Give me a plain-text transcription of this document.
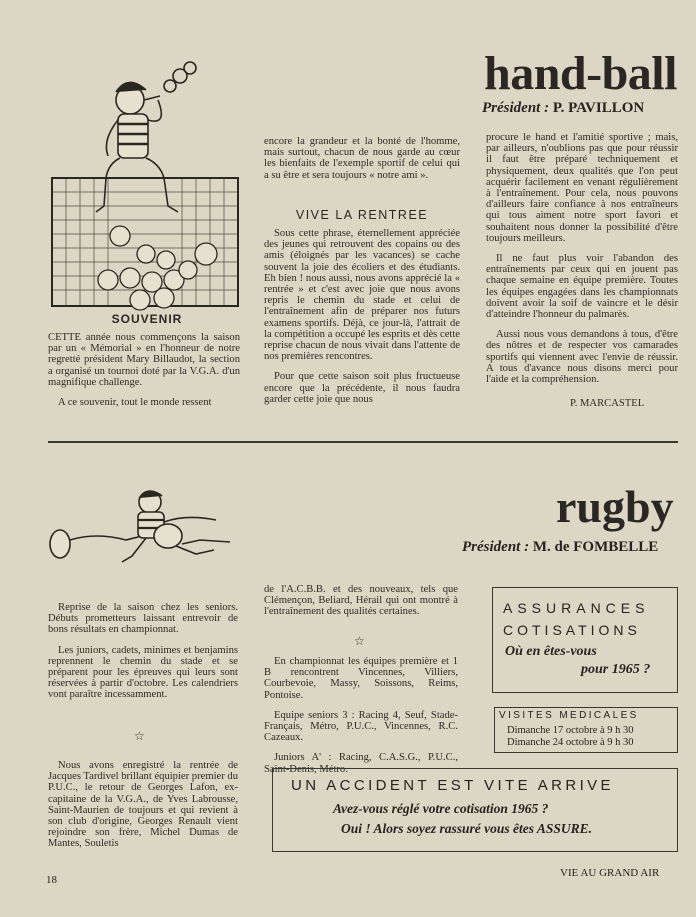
hand-ball
Président : P. PAVILLON
SOUVENIR

CETTE année nous commençons la saison par un « Mémorial » en l'honneur de notre regretté président Mary Billaudot, la section a organisé un tournoi doté par la V.G.A. d'un magnifique challenge.

A ce souvenir, tout le monde ressent

encore la grandeur et la bonté de l'homme, mais surtout, chacun de nous garde au cœur les bienfaits de l'exemple sportif de celui qui a su être et sera toujours « notre ami ».

VIVE LA RENTREE

Sous cette phrase, éternellement appréciée des jeunes qui retrouvent des copains ou des amis (éloignés par les vacances) se cache souvent la joie des écoliers et des étudiants. Eh bien ! nous aussi, nous avons apprécié la « rentrée » et c'est avec joie que nous avons repris le chemin du stade et celui de l'entraînement afin de préparer nos futurs examens sportifs. Déjà, ce jour-là, l'attrait de la compétition a occupé les esprits et dès cette reprise chacun de nous vivait dans l'attente de nos premières rencontres.

Pour que cette saison soit plus fructueuse encore que la précédente, il nous faudra garder cette joie que nous

procure le hand et l'amitié sportive ; mais, par ailleurs, n'oublions pas que pour réussir il faut être préparé techniquement et physiquement, deux qualités que l'on peut acquérir facilement en venant régulièrement à l'entraînement. Pour cela, nous pouvons d'ailleurs faire confiance à nos entraîneurs qui tous aiment notre sport favori et souhaitent nous donner la possibilité d'être toujours meilleurs.

Il ne faut plus voir l'abandon des entraînements par ceux qui en jouent pas chaque semaine en équipe première. Toutes les équipes engagées dans les championnats doivent avoir la soif de vaincre et le désir d'atteindre l'honneur du palmarès.

Aussi nous vous demandons à tous, d'être des nôtres et de respecter vos camarades sportifs qui viennent avec l'envie de réussir. A tous d'avance nous disons merci pour l'aide et la compréhension.

P. MARCASTEL
rugby
Président : M. de FOMBELLE

Reprise de la saison chez les seniors. Débuts prometteurs laissant entrevoir de bons résultats en championnat.

Les juniors, cadets, minimes et benjamins reprennent le chemin du stade et se préparent pour les épreuves qui leurs sont réservées à partir d'octobre. Les calendriers vont paraître incessamment.

☆

Nous avons enregistré la rentrée de Jacques Tardivel brillant équipier premier du P.U.C., le retour de Georges Lafon, ex-capitaine de la V.G.A., de Yves Labrousse, Saint-Maurien de toujours et qui revient à son club d'origine, Georges Renault vient rejoindre son frère, Michel Dumas de Mantes, Souletis

de l'A.C.B.B. et des nouveaux, tels que Clémençon, Beliard, Hérail qui ont montré à l'entraînement des qualités certaines.

☆

En championnat les équipes première et 1 B rencontrent Vincennes, Villiers, Courbevoie, Massy, Soissons, Reims, Pontoise.

Equipe seniors 3 : Racing 4, Seuf, Stade-Français, Métro, P.U.C., Vincennes, R.C. Cazeaux.

Juniors A' : Racing, C.A.S.G., P.U.C., Saint-Denis, Métro.

ASSURANCES
COTISATIONS
Où en êtes-vous
pour 1965 ?
VISITES MEDICALES
Dimanche 17 octobre à 9 h 30
Dimanche 24 octobre à 9 h 30
UN ACCIDENT EST VITE ARRIVE
Avez-vous réglé votre cotisation 1965 ?
Oui ! Alors soyez rassuré vous êtes ASSURE.
18
VIE AU GRAND AIR
